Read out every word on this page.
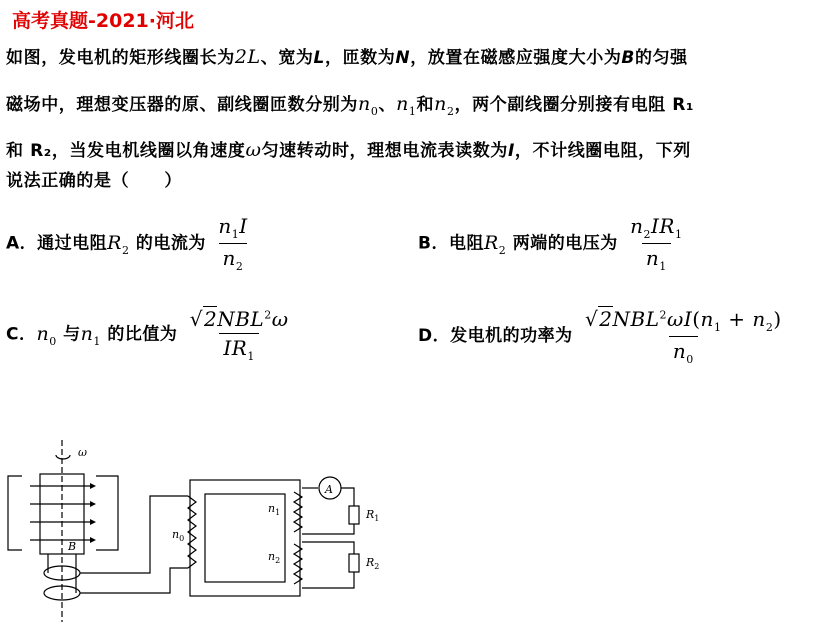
高考真题-2021·河北
如图，发电机的矩形线圈长为2L、宽为L，匝数为N，放置在磁感应强度大小为B的匀强
磁场中，理想变压器的原、副线圈匝数分别为$n_0$、$n_1$和$n_2$，两个副线圈分别接有电阻 R₁
和 R₂，当发电机线圈以角速度ω匀速转动时，理想电流表读数为I，不计线圈电阻，下列
说法正确的是（　　）
A．通过电阻$R_2$ 的电流为 $\frac{n_1I}{n_2}$	B．电阻$R_2$ 两端的电压为 $\frac{n_2IR_1}{n_1}$
C．$n_0$ 与$n_1$ 的比值为 $\frac{√2NBL^2\omega}{IR_1}$	D．发电机的功率为 $\frac{√2NBL^2\omega I(n_1 + n_2)}{n_0}$
ω
B
$n_0$
$n_1$
$n_2$
A
$R_1$
$R_2$
